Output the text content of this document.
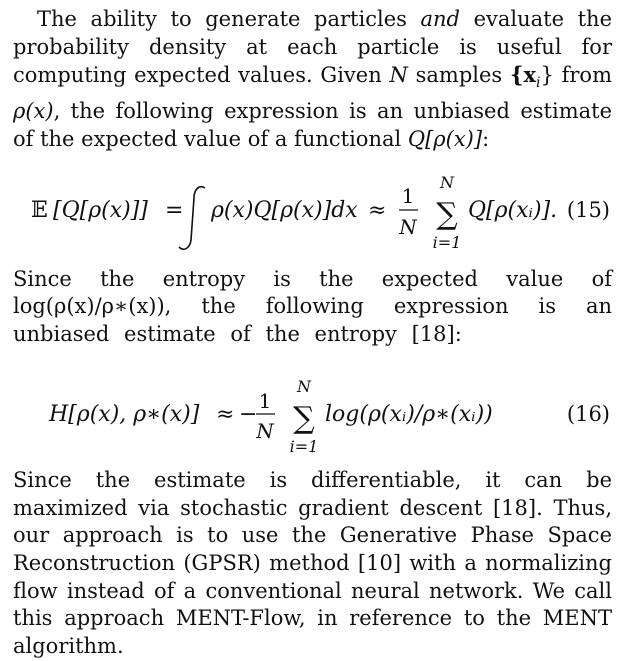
The ability to generate particles and evaluate the probability density at each particle is useful for computing expected values. Given N samples $\{x_i\}$ from ρ(x), the following expression is an unbiased estimate of the expected value of a functional Q[ρ(x)]:

𝔼 [Q[ρ(x)]] = ρ(x)Q[ρ(x)]dx ≈
1
N
N
∑
i=1
Q[ρ(xᵢ)]. (15)

Since the entropy is the expected value of log(ρ(x)/ρ∗(x)), the following expression is an unbiased estimate of the entropy [18]:

H[ρ(x), ρ∗(x)] ≈ −
1
N
N
∑
i=1
log(ρ(xᵢ)/ρ∗(xᵢ))	(16)

Since the estimate is differentiable, it can be maximized via stochastic gradient descent [18]. Thus, our approach is to use the Generative Phase Space Reconstruction (GPSR) method [10] with a normalizing flow instead of a conventional neural network. We call this approach MENT-Flow, in reference to the MENT algorithm.
